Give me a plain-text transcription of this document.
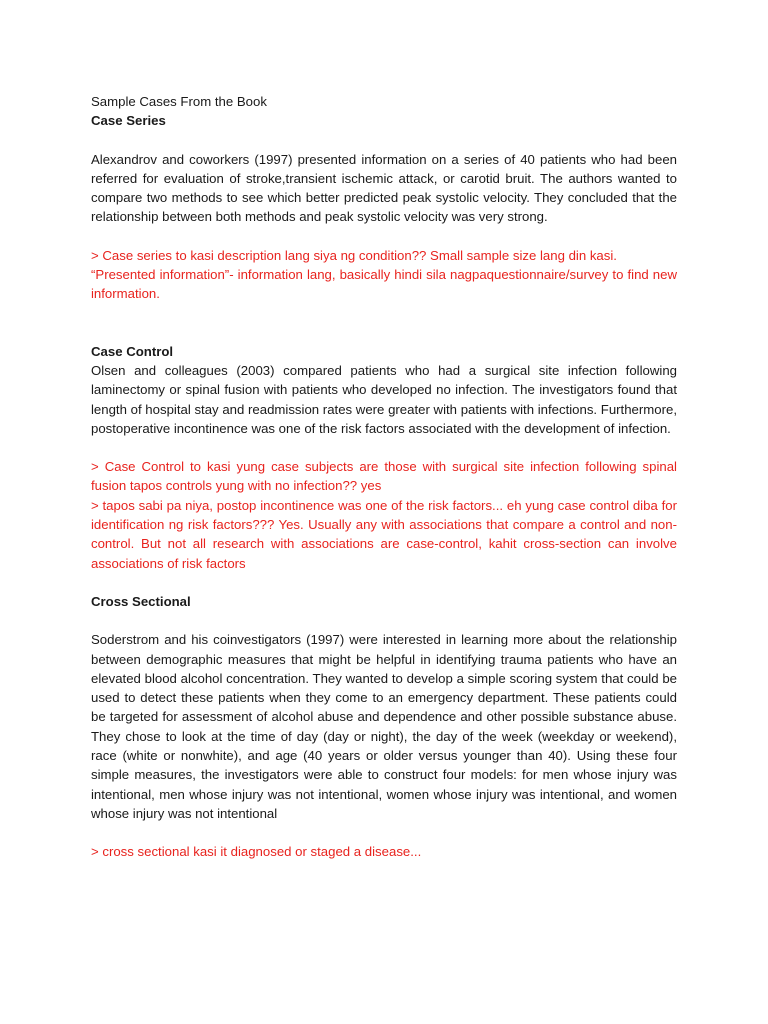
Sample Cases From the Book

Case Series

Alexandrov and coworkers (1997) presented information on a series of 40 patients who had been referred for evaluation of stroke,transient ischemic attack, or carotid bruit. The authors wanted to compare two methods to see which better predicted peak systolic velocity. They concluded that the relationship between both methods and peak systolic velocity was very strong.

> Case series to kasi description lang siya ng condition?? Small sample size lang din kasi.

“Presented information”- information lang, basically hindi sila nagpaquestionnaire/survey to find new information.

Case Control

Olsen and colleagues (2003) compared patients who had a surgical site infection following laminectomy or spinal fusion with patients who developed no infection. The investigators found that length of hospital stay and readmission rates were greater with patients with infections. Furthermore, postoperative incontinence was one of the risk factors associated with the development of infection.

> Case Control to kasi yung case subjects are those with surgical site infection following spinal fusion tapos controls yung with no infection?? yes

> tapos sabi pa niya, postop incontinence was one of the risk factors... eh yung case control diba for identification ng risk factors??? Yes. Usually any with associations that compare a control and non-control. But not all research with associations are case-control, kahit cross-section can involve associations of risk factors

Cross Sectional

Soderstrom and his coinvestigators (1997) were interested in learning more about the relationship between demographic measures that might be helpful in identifying trauma patients who have an elevated blood alcohol concentration. They wanted to develop a simple scoring system that could be used to detect these patients when they come to an emergency department. These patients could be targeted for assessment of alcohol abuse and dependence and other possible substance abuse. They chose to look at the time of day (day or night), the day of the week (weekday or weekend), race (white or nonwhite), and age (40 years or older versus younger than 40). Using these four simple measures, the investigators were able to construct four models: for men whose injury was intentional, men whose injury was not intentional, women whose injury was intentional, and women whose injury was not intentional

> cross sectional kasi it diagnosed or staged a disease...
